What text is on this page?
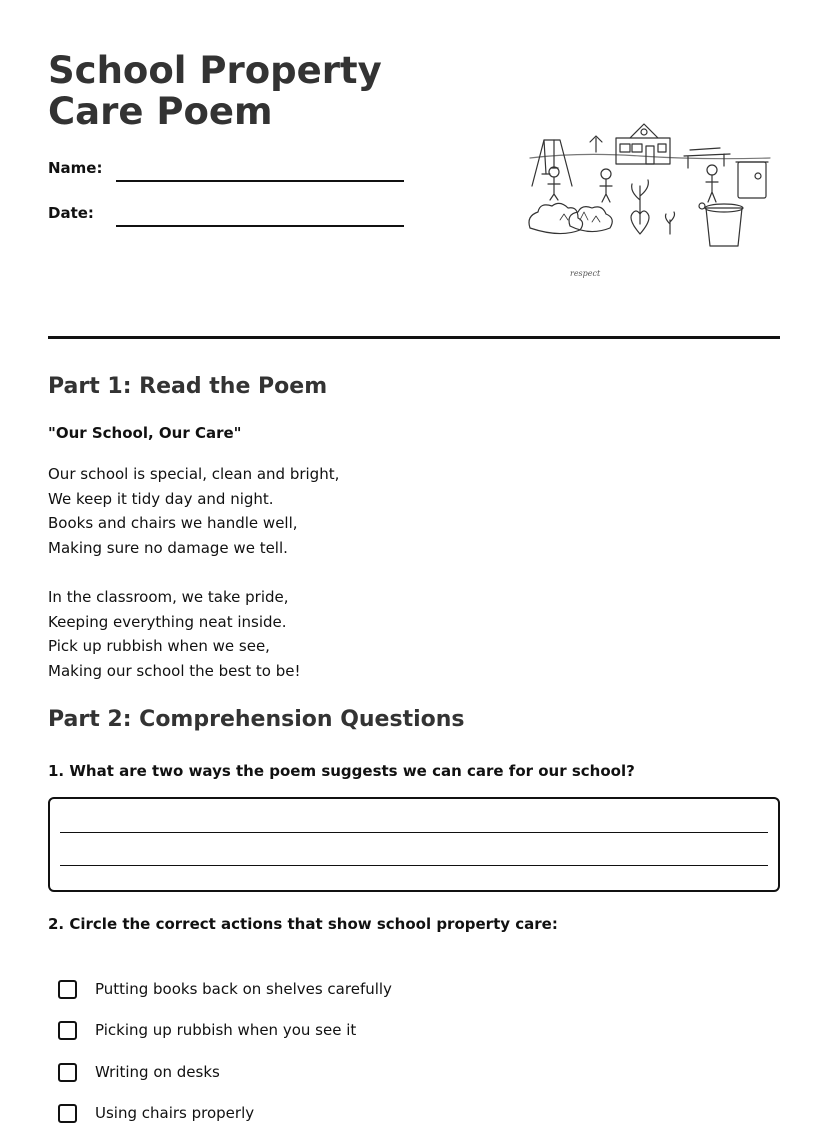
School Property Care Poem
Name:
Date:
respect
Part 1: Read the Poem
"Our School, Our Care"
Our school is special, clean and bright,
We keep it tidy day and night.
Books and chairs we handle well,
Making sure no damage we tell.
In the classroom, we take pride,
Keeping everything neat inside.
Pick up rubbish when we see,
Making our school the best to be!
Part 2: Comprehension Questions
1. What are two ways the poem suggests we can care for our school?
2. Circle the correct actions that show school property care:
Putting books back on shelves carefully
Picking up rubbish when you see it
Writing on desks
Using chairs properly
